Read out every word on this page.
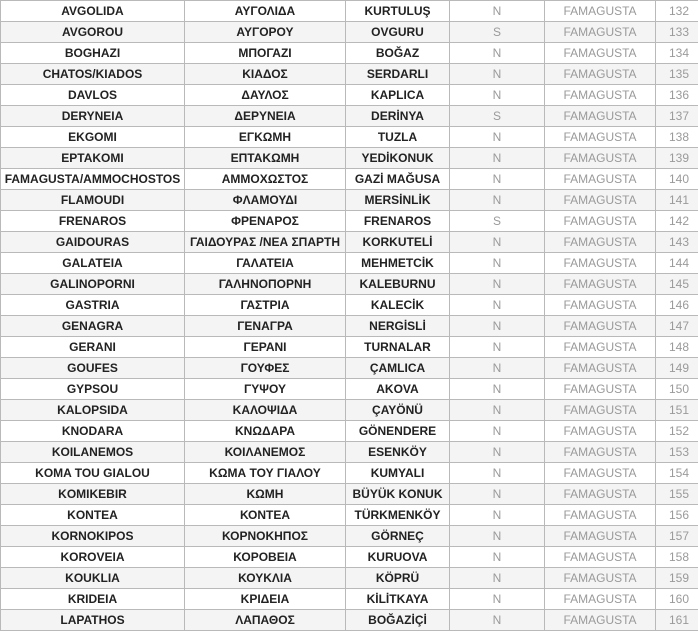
AVGOLIDA	ΑΥΓΟΛΙΔΑ	KURTULUŞ	N	FAMAGUSTA	132
AVGOROU	ΑΥΓΟΡΟΥ	OVGURU	S	FAMAGUSTA	133
BOGHAZI	ΜΠΟΓΑΖΙ	BOĞAZ	N	FAMAGUSTA	134
CHATOS/KIADOS	ΚΙΑΔΟΣ	SERDARLI	N	FAMAGUSTA	135
DAVLOS	ΔΑΥΛΟΣ	KAPLICA	N	FAMAGUSTA	136
DERYNEIA	ΔΕΡΥΝΕΙΑ	DERİNYA	S	FAMAGUSTA	137
EKGOMI	ΕΓΚΩΜΗ	TUZLA	N	FAMAGUSTA	138
EPTAKOMI	ΕΠΤΑΚΩΜΗ	YEDİKONUK	N	FAMAGUSTA	139
FAMAGUSTA/AMMOCHOSTOS	ΑΜΜΟΧΩΣΤΟΣ	GAZİ MAĞUSA	N	FAMAGUSTA	140
FLAMOUDI	ΦΛΑΜΟΥΔΙ	MERSİNLİK	N	FAMAGUSTA	141
FRENAROS	ΦΡΕΝΑΡΟΣ	FRENAROS	S	FAMAGUSTA	142
GAIDOURAS	ΓΑΙΔΟΥΡΑΣ /ΝΕΑ ΣΠΑΡΤΗ	KORKUTELİ	N	FAMAGUSTA	143
GALATEIA	ΓΑΛΑΤΕΙΑ	MEHMETCİK	N	FAMAGUSTA	144
GALINOPORNI	ΓΑΛΗΝΟΠΟΡΝΗ	KALEBURNU	N	FAMAGUSTA	145
GASTRIA	ΓΑΣΤΡΙΑ	KALECİK	N	FAMAGUSTA	146
GENAGRA	ΓΕΝΑΓΡΑ	NERGİSLİ	N	FAMAGUSTA	147
GERANI	ΓΕΡΑΝΙ	TURNALAR	N	FAMAGUSTA	148
GOUFES	ΓΟΥΦΕΣ	ÇAMLICA	N	FAMAGUSTA	149
GYPSOU	ΓΥΨΟΥ	AKOVA	N	FAMAGUSTA	150
KALOPSIDA	ΚΑΛΟΨΙΔΑ	ÇAYÖNÜ	N	FAMAGUSTA	151
KNODARA	ΚΝΩΔΑΡΑ	GÖNENDERE	N	FAMAGUSTA	152
KOILANEMOS	ΚΟΙΛΑΝΕΜΟΣ	ESENKÖY	N	FAMAGUSTA	153
KOMA TOU GIALOU	ΚΩΜΑ ΤΟΥ ΓΙΑΛΟΥ	KUMYALI	N	FAMAGUSTA	154
KOMIKEBIR	ΚΩΜΗ	BÜYÜK KONUK	N	FAMAGUSTA	155
KONTEA	ΚΟΝΤΕΑ	TÜRKMENKÖY	N	FAMAGUSTA	156
KORNOKIPOS	ΚΟΡΝΟΚΗΠΟΣ	GÖRNEÇ	N	FAMAGUSTA	157
KOROVEIA	ΚΟΡΟΒΕΙΑ	KURUOVA	N	FAMAGUSTA	158
KOUKLIA	ΚΟΥΚΛΙΑ	KÖPRÜ	N	FAMAGUSTA	159
KRIDEIA	ΚΡΙΔΕΙΑ	KİLİTKAYA	N	FAMAGUSTA	160
LAPATHOS	ΛΑΠΑΘΟΣ	BOĞAZİÇİ	N	FAMAGUSTA	161
